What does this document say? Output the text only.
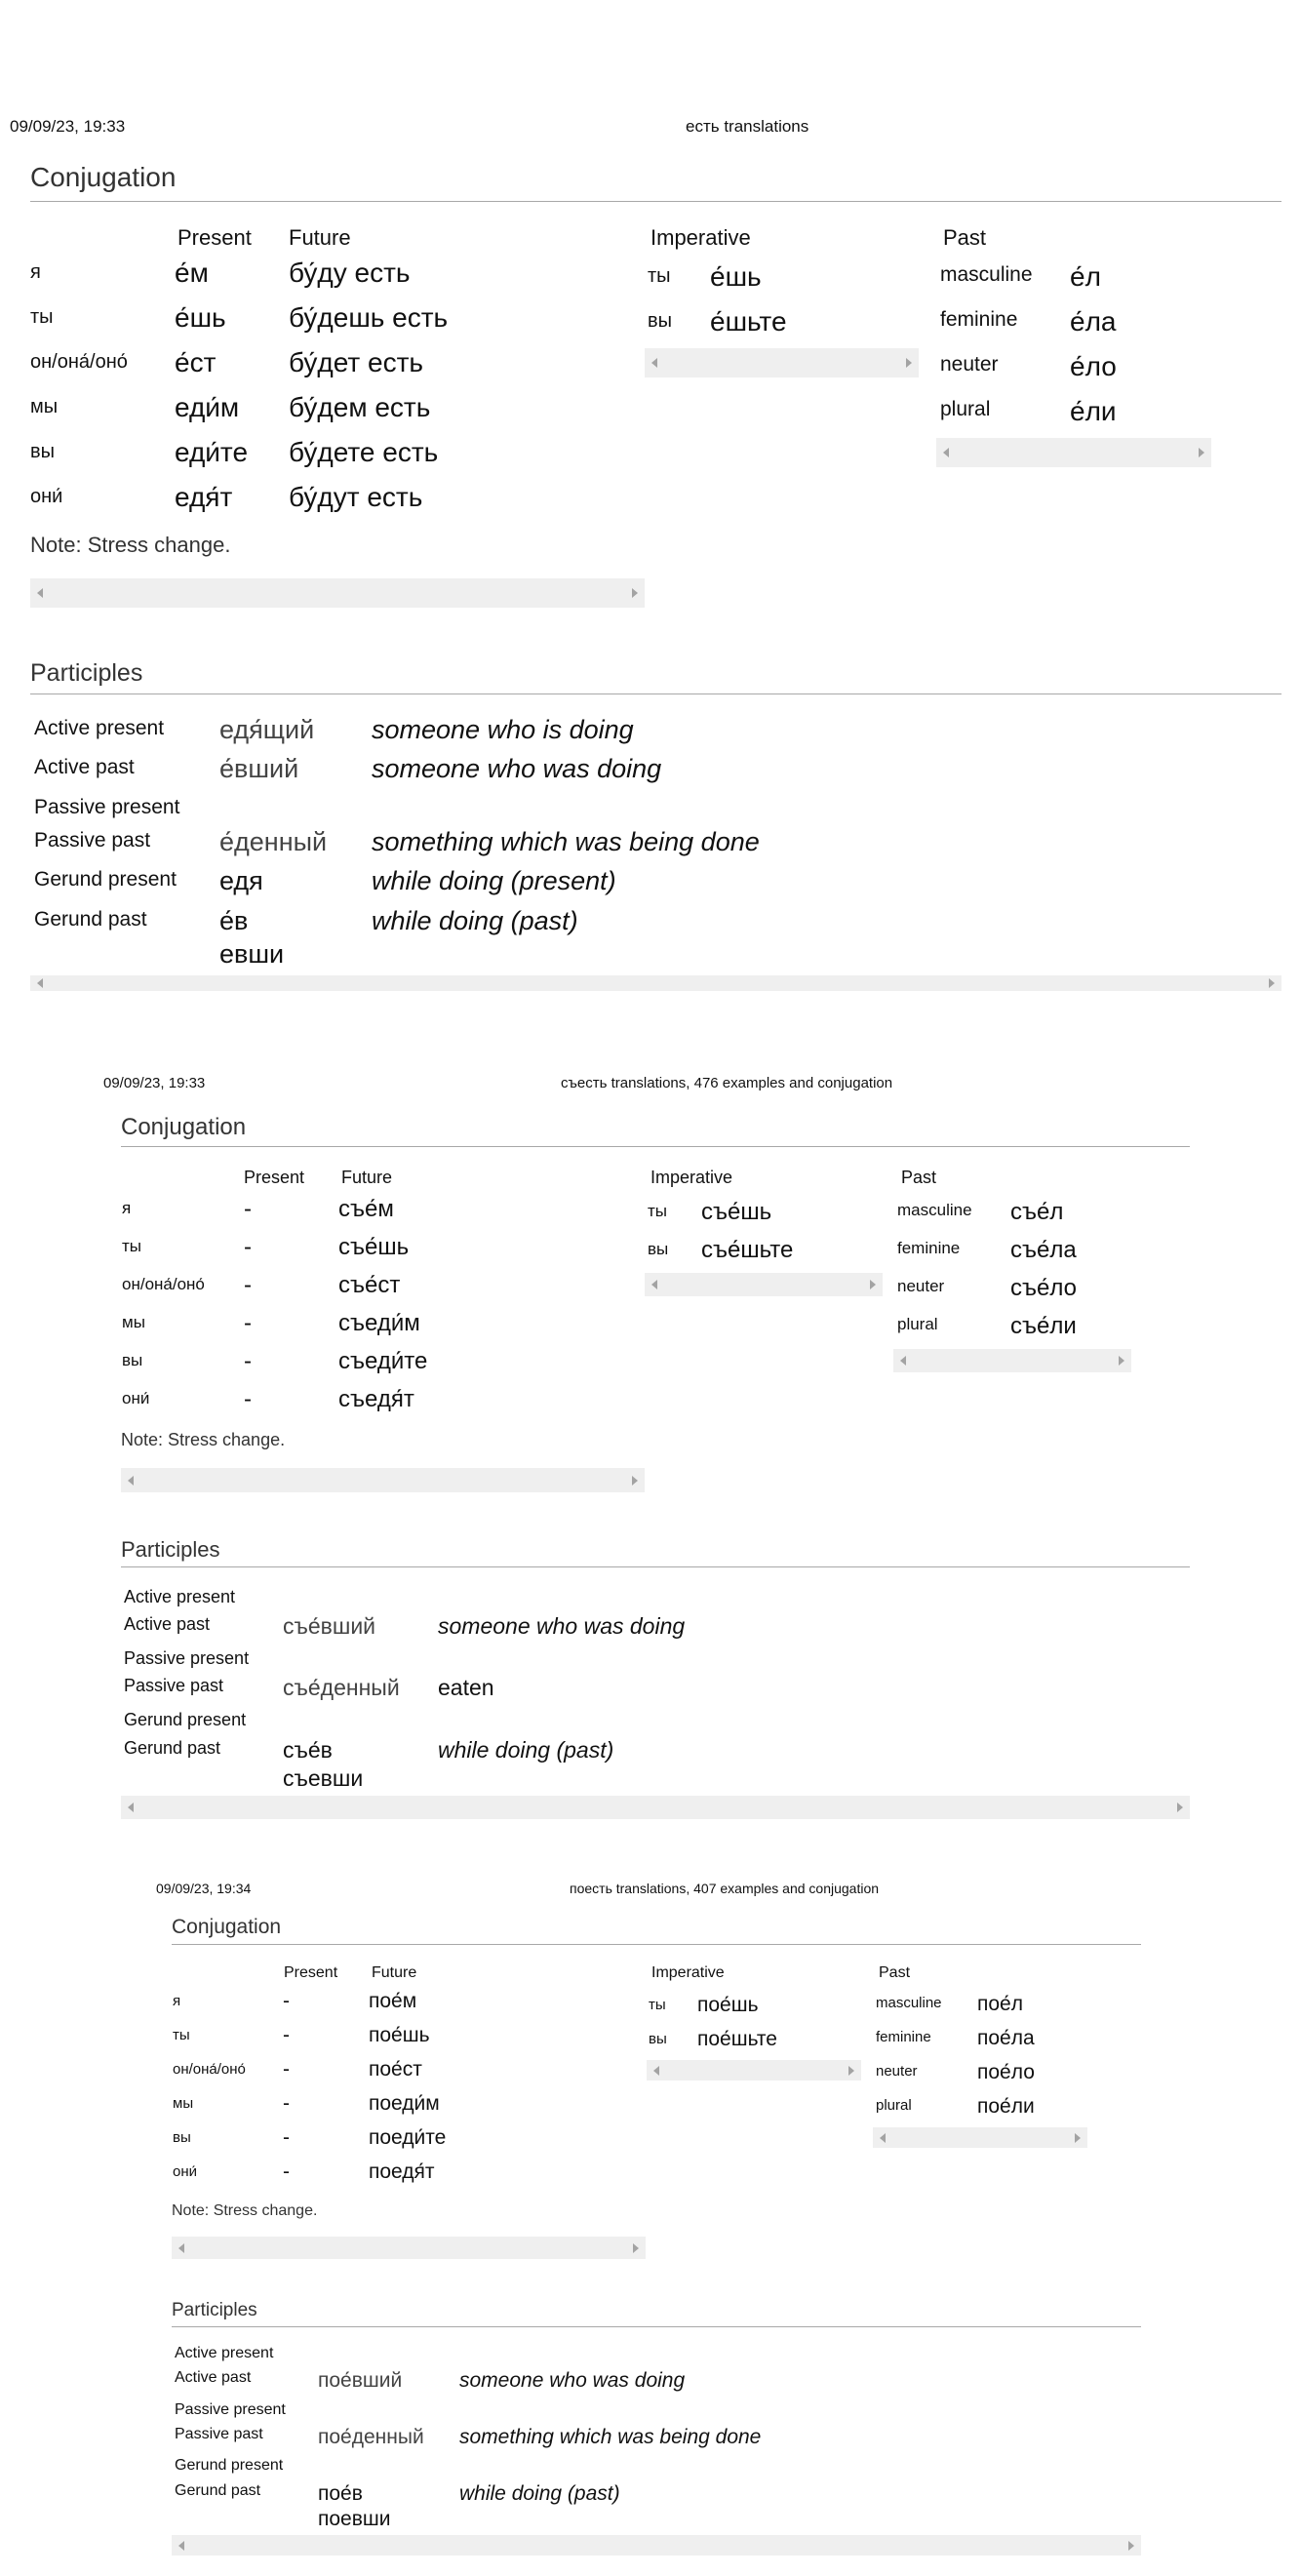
09/09/23, 19:33	есть translations
Conjugation
Present Future
я	е́м	бу́ду есть
ты	е́шь бу́дешь есть
он/она́/оно́ е́ст	бу́дет есть
мы	еди́м бу́дем есть
вы	еди́те бу́дете есть
они́	едя́т бу́дут есть
Note: Stress change.
Imperative
ты е́шь
вы е́шьте
Past
masculine е́л
feminine е́ла
neuter	е́ло
plural	е́ли
Participles
Active present едя́щий someone who is doing
Active past	е́вший	someone who was doing
Passive present
Passive past	е́денный something which was being done
Gerund present едя	while doing (present)
Gerund past	е́в
евши
while doing (past)
09/09/23, 19:33	съесть translations, 476 examples and conjugation
Conjugation
Present Future
я	-	съе́м
ты	-	съе́шь
он/она́/оно́ -	съе́ст
мы	-	съеди́м
вы	-	съеди́те
они́	-	съедя́т
Note: Stress change.
Imperative
ты съе́шь
вы съе́шьте
Past
masculine съе́л
feminine съе́ла
neuter	съе́ло
plural	съе́ли
Participles
Active present
Active past	съе́вший	someone who was doing
Passive present
Passive past	съе́денный eaten
Gerund present
Gerund past	съе́в
съевши
while doing (past)
09/09/23, 19:34	поесть translations, 407 examples and conjugation
Conjugation
Present Future
я	-	пое́м
ты	-	пое́шь
он/она́/оно́ -	пое́ст
мы	-	поеди́м
вы	-	поеди́те
они́	-	поедя́т
Note: Stress change.
Imperative
ты пое́шь
вы пое́шьте
Past
masculine пое́л
feminine пое́ла
neuter	пое́ло
plural	пое́ли
Participles
Active present
Active past	пое́вший	someone who was doing
Passive present
Passive past	пое́денный something which was being done
Gerund present
Gerund past	пое́в
поевши
while doing (past)
